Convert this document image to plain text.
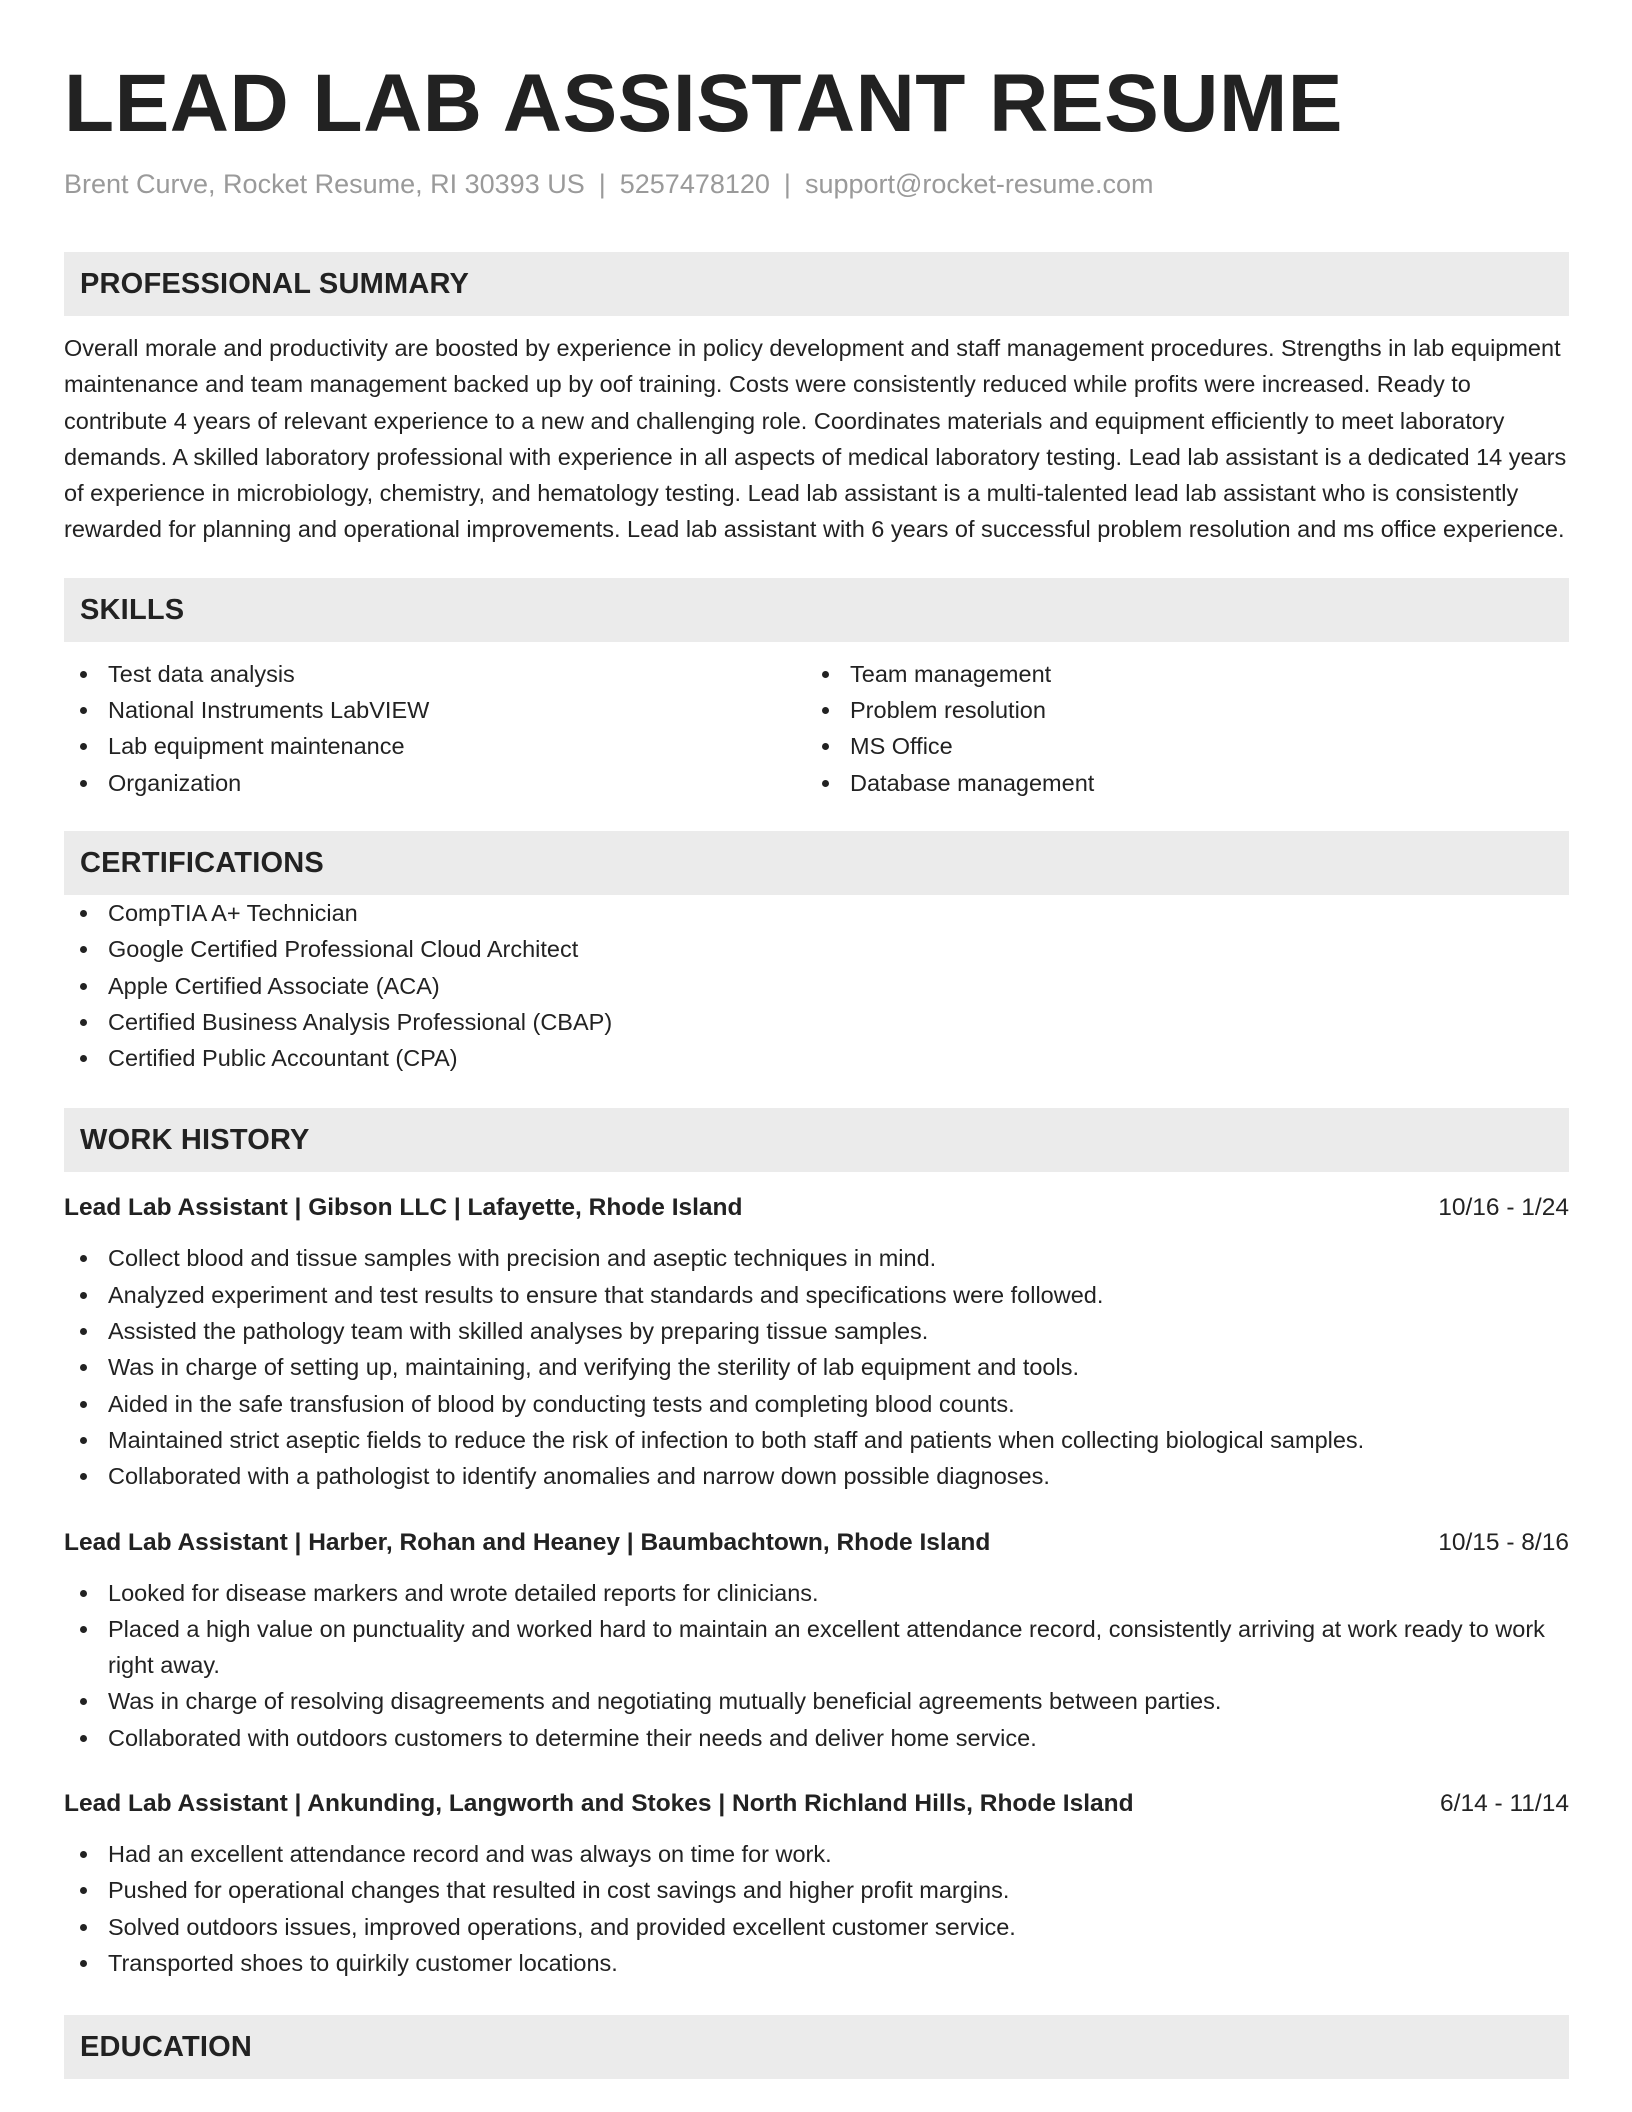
LEAD LAB ASSISTANT RESUME
Brent Curve, Rocket Resume, RI 30393 US | 5257478120 | support@rocket-resume.com
PROFESSIONAL SUMMARY

Overall morale and productivity are boosted by experience in policy development and staff management procedures. Strengths in lab equipment maintenance and team management backed up by oof training. Costs were consistently reduced while profits were increased. Ready to contribute 4 years of relevant experience to a new and challenging role. Coordinates materials and equipment efficiently to meet laboratory demands. A skilled laboratory professional with experience in all aspects of medical laboratory testing. Lead lab assistant is a dedicated 14 years of experience in microbiology, chemistry, and hematology testing. Lead lab assistant is a multi-talented lead lab assistant who is consistently rewarded for planning and operational improvements. Lead lab assistant with 6 years of successful problem resolution and ms office experience.

SKILLS
Test data analysis
National Instruments LabVIEW
Lab equipment maintenance
Organization
Team management
Problem resolution
MS Office
Database management
CERTIFICATIONS
CompTIA A+ Technician
Google Certified Professional Cloud Architect
Apple Certified Associate (ACA)
Certified Business Analysis Professional (CBAP)
Certified Public Accountant (CPA)
WORK HISTORY
Lead Lab Assistant | Gibson LLC | Lafayette, Rhode Island	10/16 - 1/24
Collect blood and tissue samples with precision and aseptic techniques in mind.
Analyzed experiment and test results to ensure that standards and specifications were followed.
Assisted the pathology team with skilled analyses by preparing tissue samples.
Was in charge of setting up, maintaining, and verifying the sterility of lab equipment and tools.
Aided in the safe transfusion of blood by conducting tests and completing blood counts.
Maintained strict aseptic fields to reduce the risk of infection to both staff and patients when collecting biological samples.
Collaborated with a pathologist to identify anomalies and narrow down possible diagnoses.
Lead Lab Assistant | Harber, Rohan and Heaney | Baumbachtown, Rhode Island	10/15 - 8/16
Looked for disease markers and wrote detailed reports for clinicians.
Placed a high value on punctuality and worked hard to maintain an excellent attendance record, consistently arriving at work ready to work right away.
Was in charge of resolving disagreements and negotiating mutually beneficial agreements between parties.
Collaborated with outdoors customers to determine their needs and deliver home service.
Lead Lab Assistant | Ankunding, Langworth and Stokes | North Richland Hills, Rhode Island	6/14 - 11/14
Had an excellent attendance record and was always on time for work.
Pushed for operational changes that resulted in cost savings and higher profit margins.
Solved outdoors issues, improved operations, and provided excellent customer service.
Transported shoes to quirkily customer locations.
EDUCATION
